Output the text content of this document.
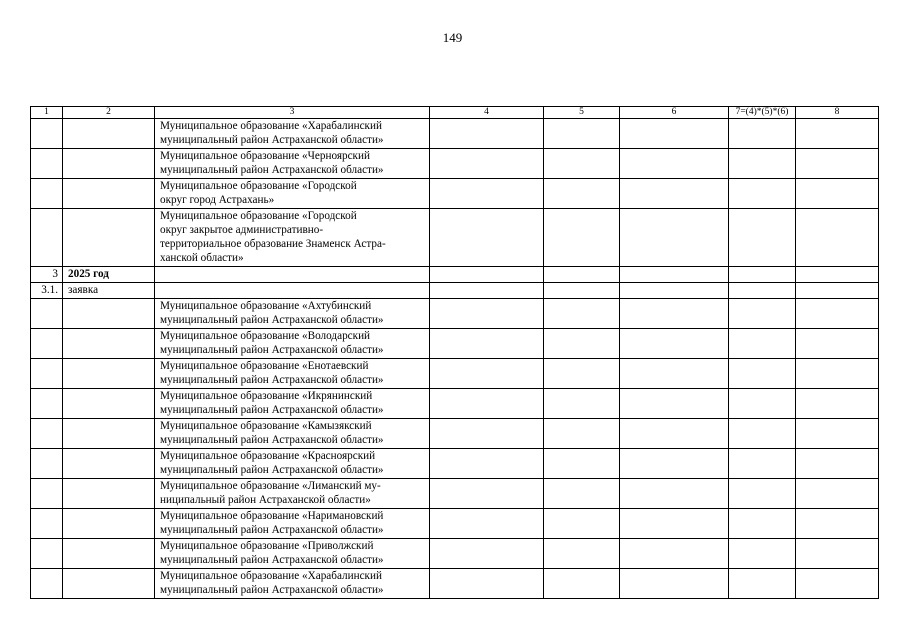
149
1	2	3	4	5	6	7=(4)*(5)*(6)	8

		Муниципальное образование «Харабалинский
муниципальный район Астраханской области»					

		Муниципальное образование «Черноярский
муниципальный район Астраханской области»					

		Муниципальное образование «Городской
округ город Астрахань»					

		Муниципальное образование «Городской
округ закрытое административно-
территориальное образование Знаменск Астра-
ханской области»					

3	2025 год						
3.1.	заявка						

		Муниципальное образование «Ахтубинский
муниципальный район Астраханской области»					

		Муниципальное образование «Володарский
муниципальный район Астраханской области»					

		Муниципальное образование «Енотаевский
муниципальный район Астраханской области»					

		Муниципальное образование «Икрянинский
муниципальный район Астраханской области»					

		Муниципальное образование «Камызякский
муниципальный район Астраханской области»					

		Муниципальное образование «Красноярский
муниципальный район Астраханской области»					

		Муниципальное образование «Лиманский му-
ниципальный район Астраханской области»					

		Муниципальное образование «Наримановский
муниципальный район Астраханской области»					

		Муниципальное образование «Приволжский
муниципальный район Астраханской области»					

		Муниципальное образование «Харабалинский
муниципальный район Астраханской области»					
